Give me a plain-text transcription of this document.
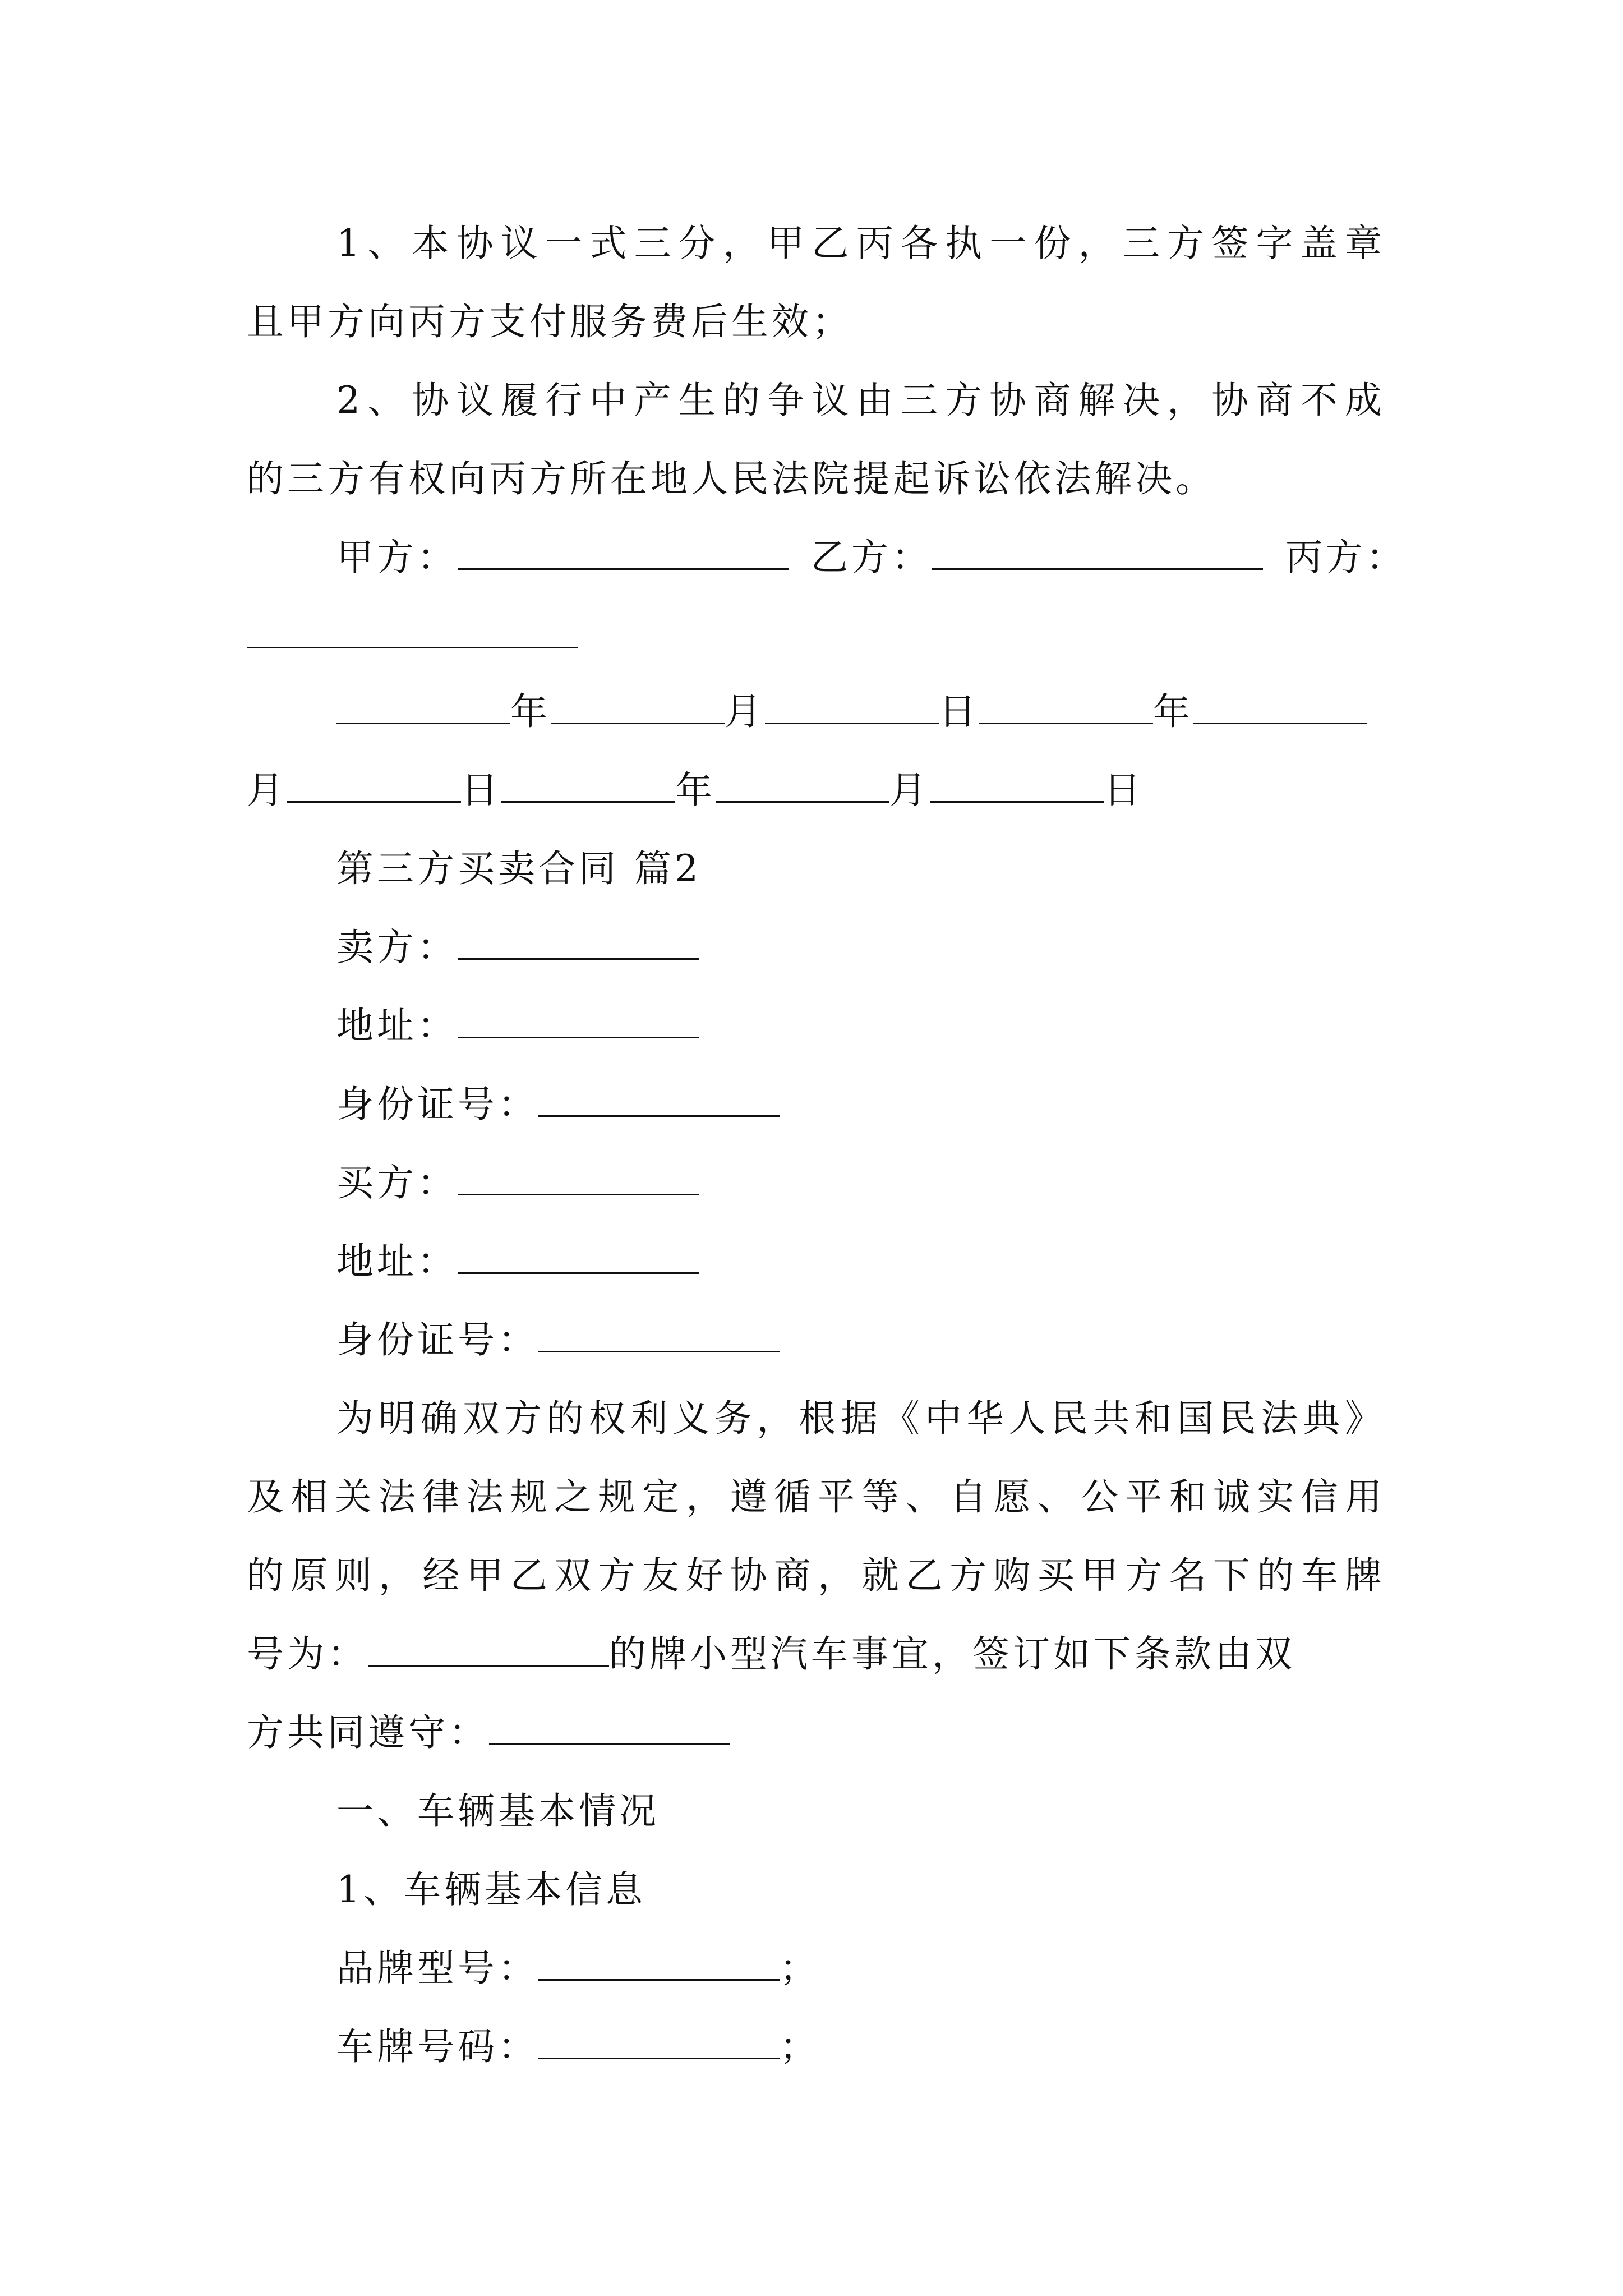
1、本协议一式三分，甲乙丙各执一份，三方签字盖章
且甲方向丙方支付服务费后生效；
2、协议履行中产生的争议由三方协商解决，协商不成
的三方有权向丙方所在地人民法院提起诉讼依法解决。
甲方：	乙方：	丙方：
年	月	日	年
月	日	年	月	日
第三方买卖合同 篇2
卖方：
地址：
身份证号：
买方：
地址：
身份证号：
为明确双方的权利义务，根据《中华人民共和国民法典》
及相关法律法规之规定，遵循平等、自愿、公平和诚实信用
的原则，经甲乙双方友好协商，就乙方购买甲方名下的车牌
号为：	的牌小型汽车事宜，签订如下条款由双
方共同遵守：
一、车辆基本情况
1、车辆基本信息
品牌型号：	；
车牌号码：	；
